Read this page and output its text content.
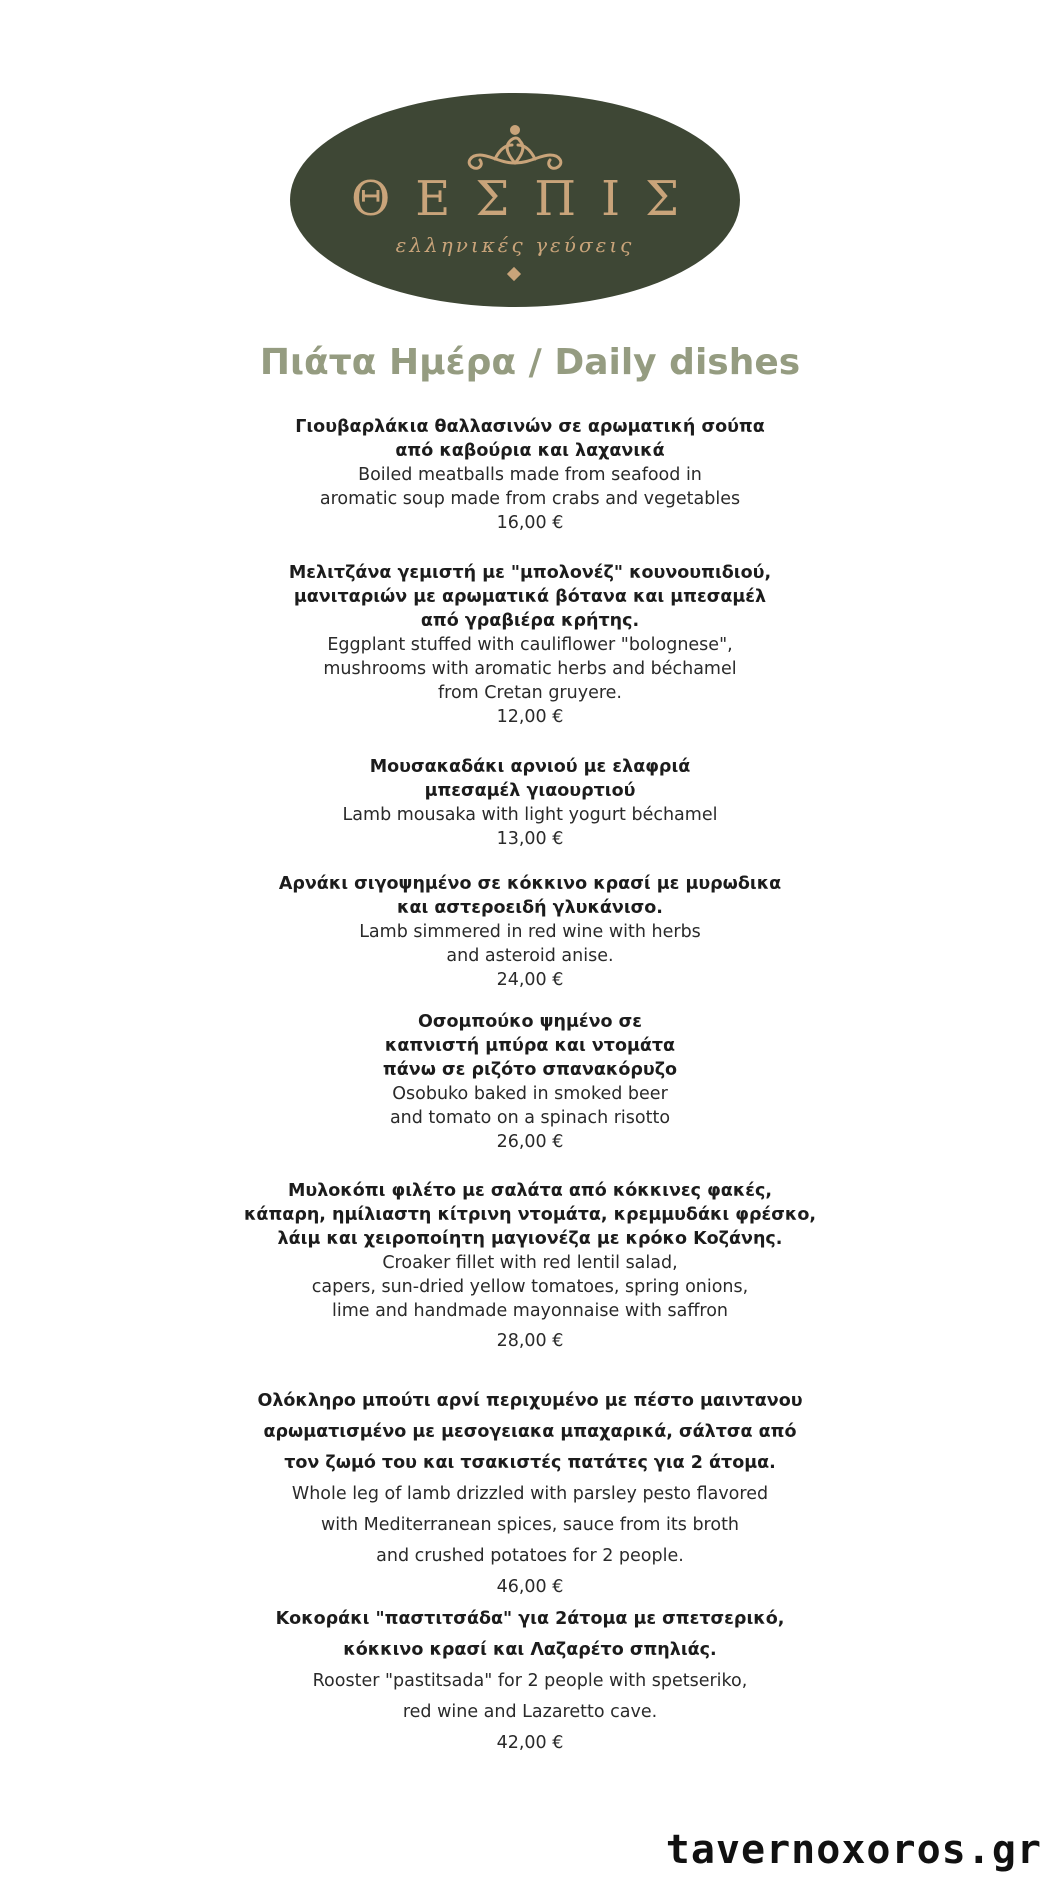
ΘΕΣΠΙΣ
ελληνικές γεύσεις
Πιάτα Ημέρα / Daily dishes
Γιουβαρλάκια θαλλασινών σε αρωματική σούπα
από καβούρια και λαχανικά
Boiled meatballs made from seafood in
aromatic soup made from crabs and vegetables
16,00 €
Μελιτζάνα γεμιστή με "μπολονέζ" κουνουπιδιού,
μανιταριών με αρωματικά βότανα και μπεσαμέλ
από γραβιέρα κρήτης.
Eggplant stuffed with cauliflower "bolognese",
mushrooms with aromatic herbs and béchamel
from Cretan gruyere.
12,00 €
Μουσακαδάκι αρνιού με ελαφριά
μπεσαμέλ γιαουρτιού
Lamb mousaka with light yogurt béchamel
13,00 €
Αρνάκι σιγοψημένο σε κόκκινο κρασί με μυρωδικα
και αστεροειδή γλυκάνισο.
Lamb simmered in red wine with herbs
and asteroid anise.
24,00 €
Οσομπούκο ψημένο σε
καπνιστή μπύρα και ντομάτα
πάνω σε ριζότο σπανακόρυζο
Osobuko baked in smoked beer
and tomato on a spinach risotto
26,00 €
Μυλοκόπι φιλέτο με σαλάτα από κόκκινες φακές,
κάπαρη, ημίλιαστη κίτρινη ντομάτα, κρεμμυδάκι φρέσκο,
λάιμ και χειροποίητη μαγιονέζα με κρόκο Κοζάνης.
Croaker fillet with red lentil salad,
capers, sun-dried yellow tomatoes, spring onions,
lime and handmade mayonnaise with saffron
28,00 €
Ολόκληρο μπούτι αρνί περιχυμένο με πέστο μαιντανου
αρωματισμένο με μεσογειακα μπαχαρικά, σάλτσα από
τον ζωμό του και τσακιστές πατάτες για 2 άτομα.
Whole leg of lamb drizzled with parsley pesto flavored
with Mediterranean spices, sauce from its broth
and crushed potatoes for 2 people.
46,00 €
Κοκοράκι "παστιτσάδα" για 2άτομα με σπετσερικό,
κόκκινο κρασί και Λαζαρέτο σπηλιάς.
Rooster "pastitsada" for 2 people with spetseriko,
red wine and Lazaretto cave.
42,00 €
tavernoxoros.gr
